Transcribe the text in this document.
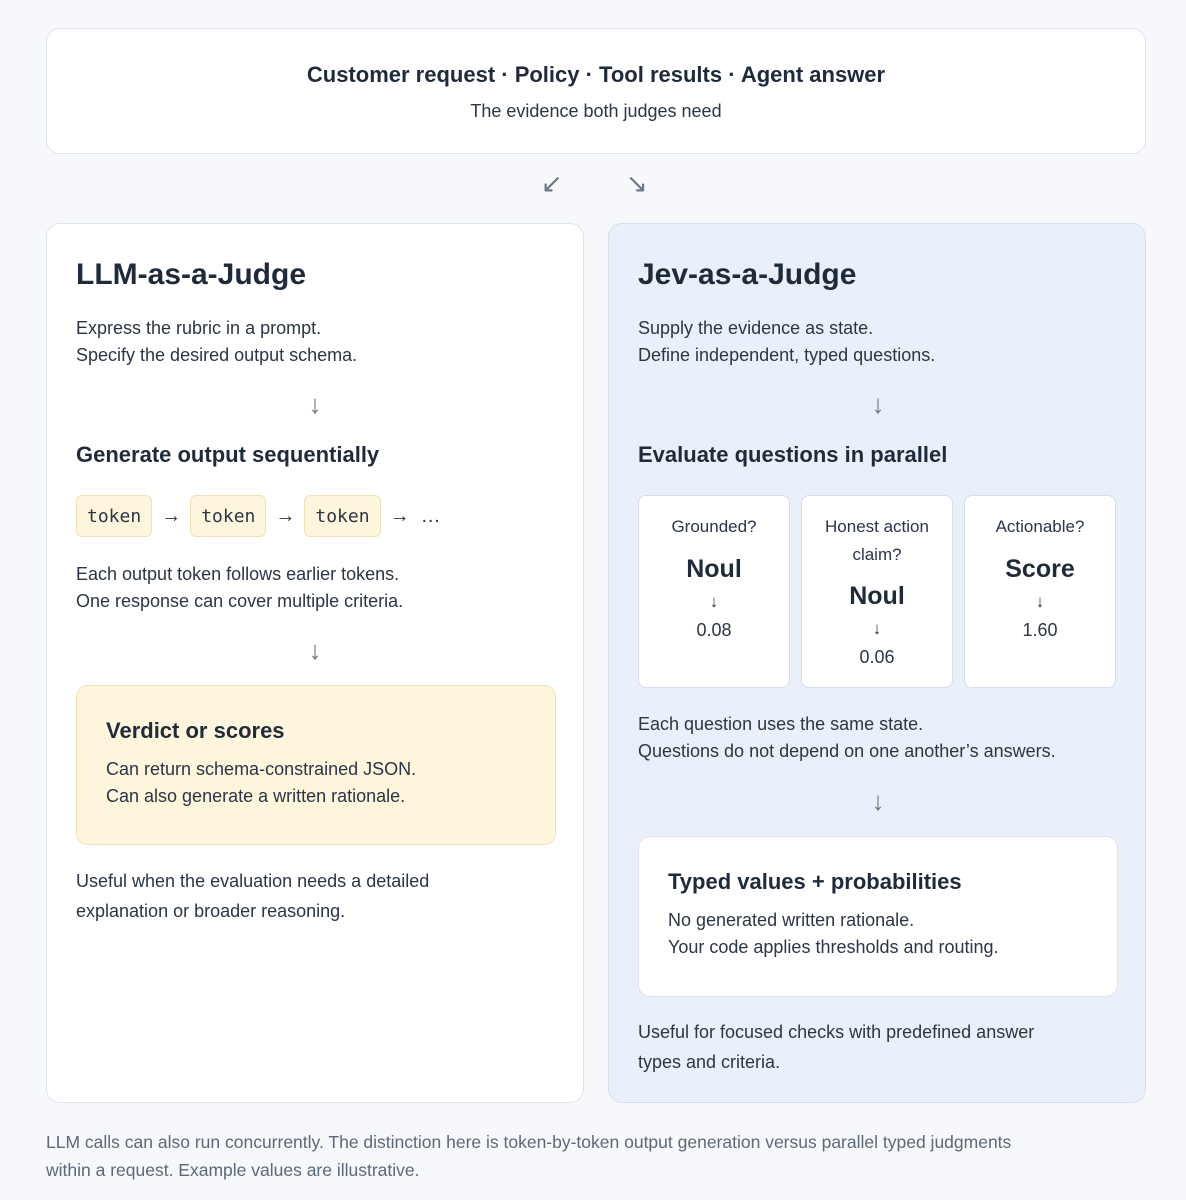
Customer request · Policy · Tool results · Agent answer
The evidence both judges need
↙ ↘
LLM-as-a-Judge
Express the rubric in a prompt.
Specify the desired output schema.
↓
Generate output sequentially
token	→	token	→	token	→ …
Each output token follows earlier tokens.
One response can cover multiple criteria.
↓
Verdict or scores
Can return schema-constrained JSON.
Can also generate a written rationale.
Useful when the evaluation needs a detailed
explanation or broader reasoning.
Jev-as-a-Judge
Supply the evidence as state.
Define independent, typed questions.
↓
Evaluate questions in parallel
Grounded?
Noul
↓
0.08
Honest action
claim?
Noul
↓
0.06
Actionable?
Score
↓
1.60
Each question uses the same state.
Questions do not depend on one another’s answers.
↓
Typed values + probabilities
No generated written rationale.
Your code applies thresholds and routing.
Useful for focused checks with predefined answer
types and criteria.
LLM calls can also run concurrently. The distinction here is token-by-token output generation versus parallel typed judgments
within a request. Example values are illustrative.
